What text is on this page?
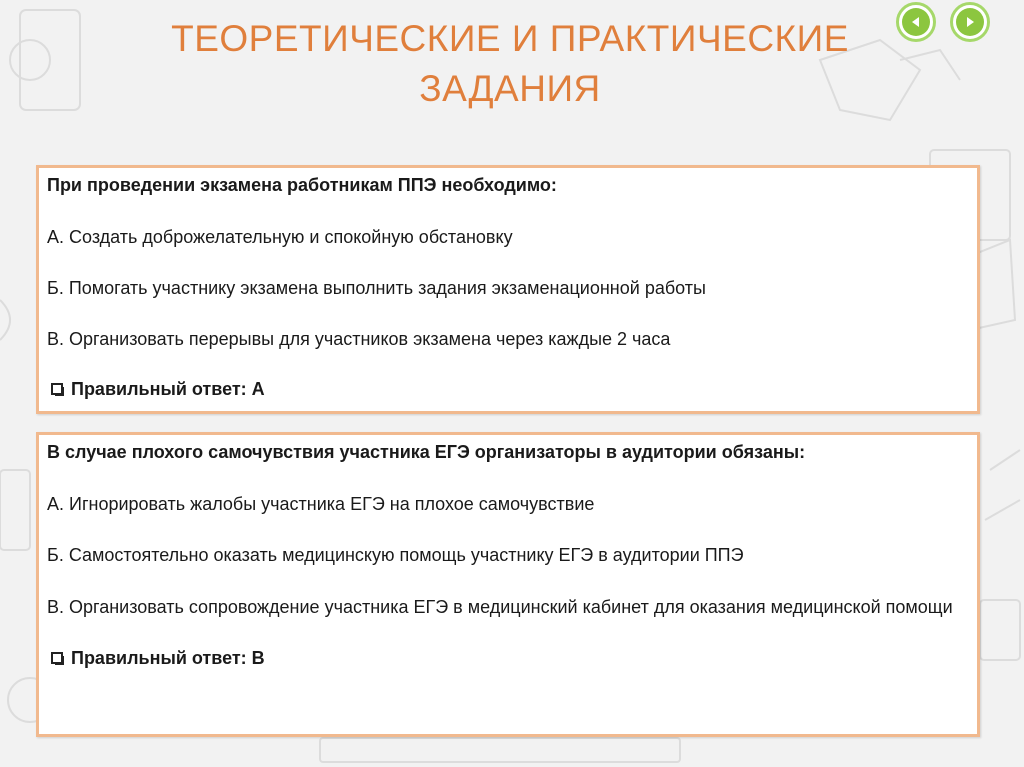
ТЕОРЕТИЧЕСКИЕ И ПРАКТИЧЕСКИЕ
ЗАДАНИЯ
При проведении экзамена работникам ППЭ необходимо:
А. Создать доброжелательную и спокойную обстановку
Б. Помогать участнику экзамена выполнить задания экзаменационной работы
В. Организовать перерывы для участников экзамена через каждые 2 часа
Правильный ответ: А
В случае плохого самочувствия участника ЕГЭ организаторы в аудитории обязаны:
А. Игнорировать жалобы участника ЕГЭ на плохое самочувствие
Б. Самостоятельно оказать медицинскую помощь участнику ЕГЭ в аудитории ППЭ
В. Организовать сопровождение участника ЕГЭ в медицинский кабинет для оказания медицинской помощи
Правильный ответ: В
